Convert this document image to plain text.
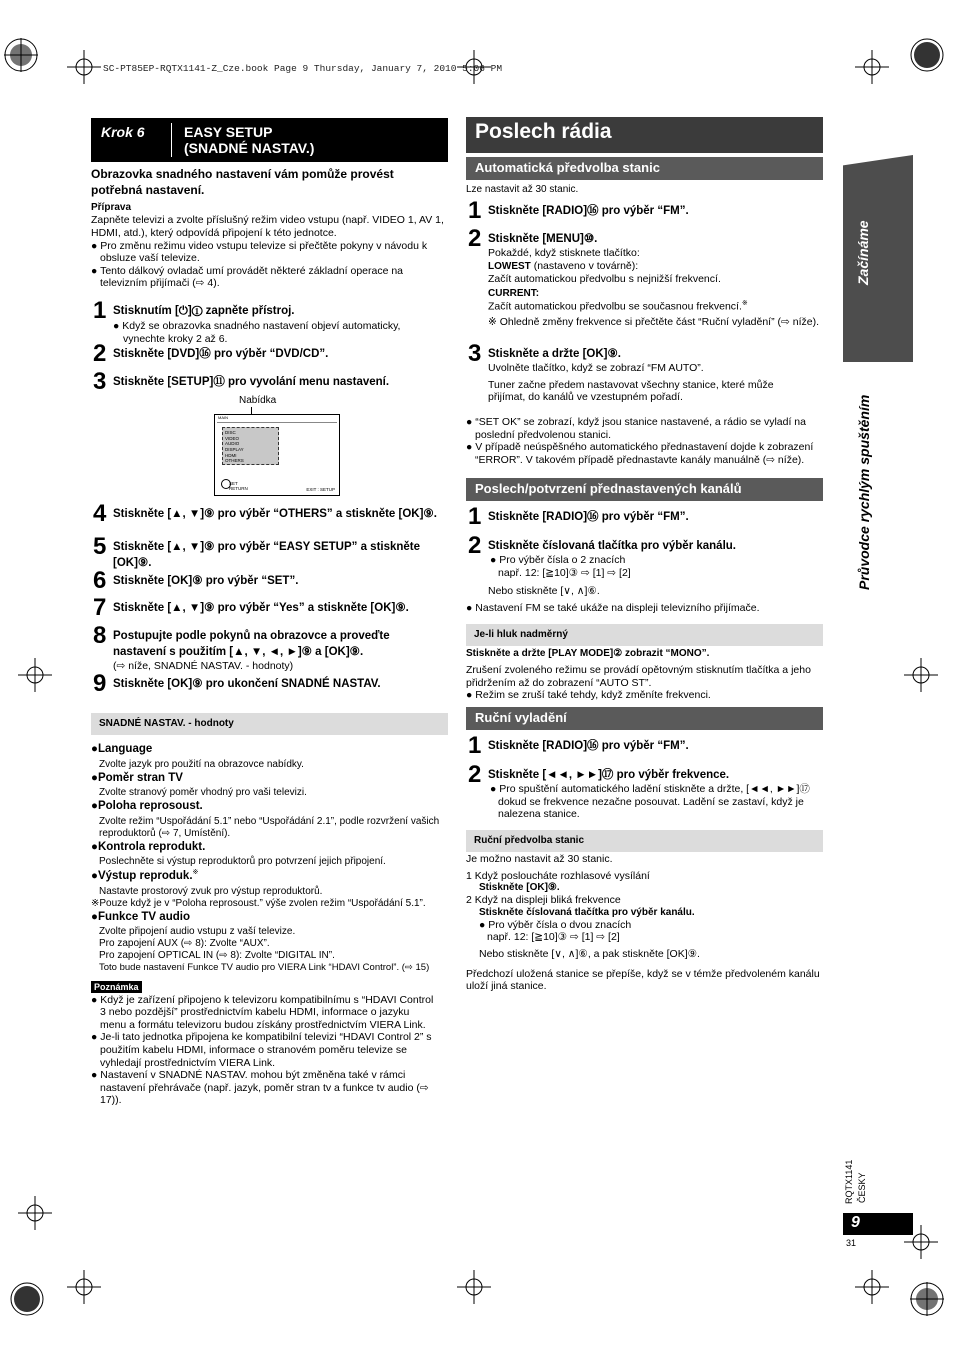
SC-PT85EP-RQTX1141-Z_Cze.book Page 9 Thursday, January 7, 2010 5:06 PM
Krok 6	EASY SETUP
(SNADNÉ NASTAV.)
Obrazovka snadného nastavení vám pomůže provést potřebná nastavení.
Příprava
Zapněte televizi a zvolte příslušný režim video vstupu (např. VIDEO 1, AV 1, HDMI, atd.), který odpovídá připojení k této jednotce.
● Pro změnu režimu video vstupu televize si přečtěte pokyny v návodu k obsluze vaší televize.
● Tento dálkový ovladač umí provádět některé základní operace na televizním přijímači (⇨ 4).
1 Stisknutím [⏻]① zapněte přístroj.
● Když se obrazovka snadného nastavení objeví automaticky, vynechte kroky 2 až 6.
2 Stiskněte [DVD]⑯ pro výběr “DVD/CD”.
3 Stiskněte [SETUP]⑪ pro vyvolání menu nastavení.
Nabídka
MAIN
DISC
VIDEO
AUDIO
DISPLAY
HDMI
OTHERS
SET
RETURN	EXIT : SETUP
4 Stiskněte [▲, ▼]⑨ pro výběr “OTHERS” a stiskněte [OK]⑨.
5 Stiskněte [▲, ▼]⑨ pro výběr “EASY SETUP” a stiskněte [OK]⑨.
6 Stiskněte [OK]⑨ pro výběr “SET”.
7 Stiskněte [▲, ▼]⑨ pro výběr “Yes” a stiskněte [OK]⑨.
8 Postupujte podle pokynů na obrazovce a proveďte nastavení s použitím [▲, ▼, ◄, ►]⑨ a [OK]⑨.
(⇨ níže, SNADNÉ NASTAV. - hodnoty)
9 Stiskněte [OK]⑨ pro ukončení SNADNÉ NASTAV.
SNADNÉ NASTAV. - hodnoty
●Language
Zvolte jazyk pro použití na obrazovce nabídky.
●Poměr stran TV
Zvolte stranový poměr vhodný pro vaši televizi.
●Poloha reprosoust.
Zvolte režim “Uspořádání 5.1” nebo “Uspořádání 2.1”, podle rozvržení vašich reproduktorů (⇨ 7, Umístění).
●Kontrola reprodukt.
Poslechněte si výstup reproduktorů pro potvrzení jejich připojení.
●Výstup reproduk.※
Nastavte prostorový zvuk pro výstup reproduktorů.
※Pouze když je v “Poloha reprosoust.” výše zvolen režim “Uspořádání 5.1”.
●Funkce TV audio
Zvolte připojení audio vstupu z vaší televize.
Pro zapojení AUX (⇨ 8): Zvolte “AUX”.
Pro zapojení OPTICAL IN (⇨ 8): Zvolte “DIGITAL IN”.
Toto bude nastavení Funkce TV audio pro VIERA Link “HDAVI Control”. (⇨ 15)
Poznámka
● Když je zařízení připojeno k televizoru kompatibilnímu s “HDAVI Control 3 nebo pozdější” prostřednictvím kabelu HDMI, informace o jazyku menu a formátu televizoru budou získány prostřednictvím VIERA Link.
● Je-li tato jednotka připojena ke kompatibilní televizi “HDAVI Control 2” s použitím kabelu HDMI, informace o stranovém poměru televize se vyhledají prostřednictvím VIERA Link.
● Nastavení v SNADNÉ NASTAV. mohou být změněna také v rámci nastavení přehrávače (např. jazyk, poměr stran tv a funkce tv audio (⇨ 17)).
Poslech rádia
Automatická předvolba stanic
Lze nastavit až 30 stanic.
1 Stiskněte [RADIO]⑯ pro výběr “FM”.
2 Stiskněte [MENU]⑩.
Pokaždé, když stisknete tlačítko:
LOWEST (nastaveno v továrně):
Začít automatickou předvolbu s nejnižší frekvencí.
CURRENT:
Začít automatickou předvolbu se současnou frekvencí.※
※ Ohledně změny frekvence si přečtěte část “Ruční vyladění” (⇨ níže).
3 Stiskněte a držte [OK]⑨.
Uvolněte tlačítko, když se zobrazí “FM AUTO”.
Tuner začne předem nastavovat všechny stanice, které může přijímat, do kanálů ve vzestupném pořadí.
● “SET OK” se zobrazí, když jsou stanice nastavené, a rádio se vyladí na poslední předvolenou stanici.
● V případě neúspěšného automatického přednastavení dojde k zobrazení “ERROR”. V takovém případě přednastavte kanály manuálně (⇨ níže).
Poslech/potvrzení přednastavených kanálů
1 Stiskněte [RADIO]⑯ pro výběr “FM”.
2 Stiskněte číslovaná tlačítka pro výběr kanálu.
● Pro výběr čísla o 2 znacích
např. 12: [≧10]③ ⇨ [1] ⇨ [2]
Nebo stiskněte [∨, ∧]⑥.
● Nastavení FM se také ukáže na displeji televizního přijímače.
Je-li hluk nadměrný
Stiskněte a držte [PLAY MODE]② zobrazit “MONO”.
Zrušení zvoleného režimu se provádí opětovným stisknutím tlačítka a jeho přidržením až do zobrazení “AUTO ST”.
● Režim se zruší také tehdy, když změníte frekvenci.
Ruční vyladění
1 Stiskněte [RADIO]⑯ pro výběr “FM”.
2 Stiskněte [◄◄, ►►]⑰ pro výběr frekvence.
● Pro spuštění automatického ladění stiskněte a držte, [◄◄, ►►]⑰ dokud se frekvence nezačne posouvat. Ladění se zastaví, když je nalezena stanice.
Ruční předvolba stanic
Je možno nastavit až 30 stanic.
1 Když posloucháte rozhlasové vysílání
Stiskněte [OK]⑨.
2 Když na displeji bliká frekvence
Stiskněte číslovaná tlačítka pro výběr kanálu.
● Pro výběr čísla o dvou znacích
např. 12: [≧10]③ ⇨ [1] ⇨ [2]
Nebo stiskněte [∨, ∧]⑥, a pak stiskněte [OK]⑨.
Předchozí uložená stanice se přepíše, když se v témže předvoleném kanálu uloží jiná stanice.
Začínáme
Průvodce rychlým spuštěním
RQTX1141 ČESKY
9
31
